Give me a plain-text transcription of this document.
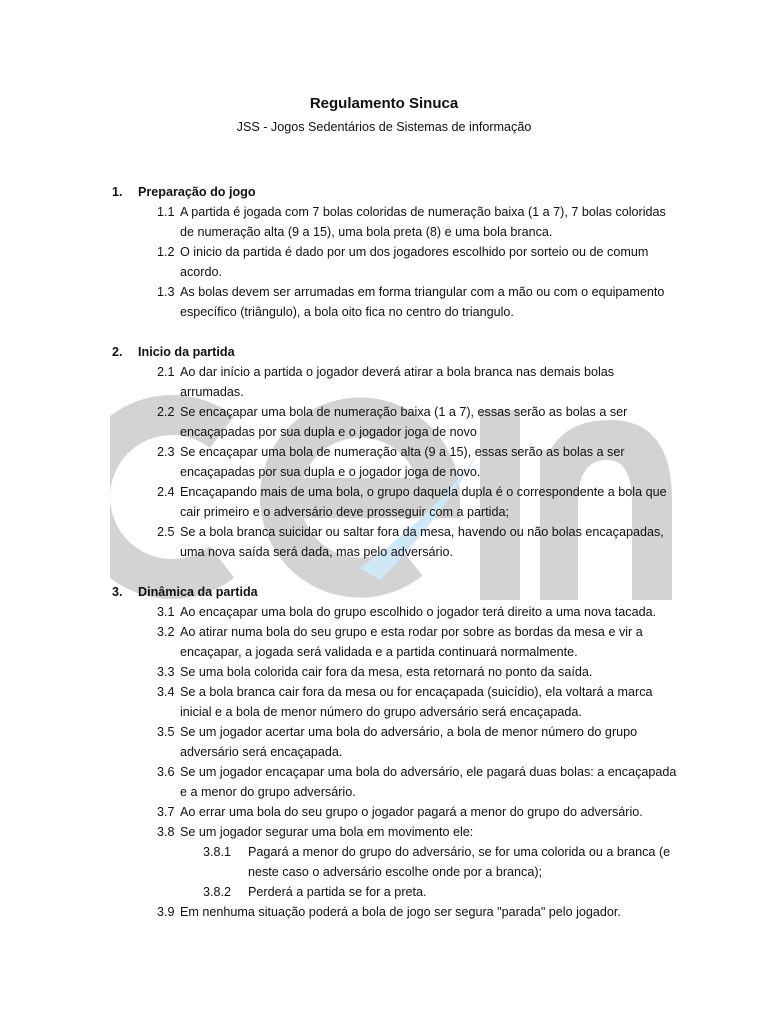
Regulamento Sinuca
JSS - Jogos Sedentários de Sistemas de informação
1. Preparação do jogo
1.1 A partida é jogada com 7 bolas coloridas de numeração baixa (1 a 7), 7 bolas coloridas de numeração alta (9 a 15), uma bola preta (8) e uma bola branca.
1.2 O inicio da partida é dado por um dos jogadores escolhido por sorteio ou de comum acordo.
1.3 As bolas devem ser arrumadas em forma triangular com a mão ou com o equipamento específico (triângulo), a bola oito fica no centro do triangulo.
2. Inicio da partida
2.1 Ao dar início a partida o jogador deverá atirar a bola branca nas demais bolas arrumadas.
2.2 Se encaçapar uma bola de numeração baixa (1 a 7), essas serão as bolas a ser encaçapadas por sua dupla e o jogador joga de novo
2.3 Se encaçapar uma bola de numeração alta (9 a 15), essas serão as bolas a ser encaçapadas por sua dupla e o jogador joga de novo.
2.4 Encaçapando mais de uma bola, o grupo daquela dupla é o correspondente a bola que cair primeiro e o adversário deve prosseguir com a partida;
2.5 Se a bola branca suicidar ou saltar fora da mesa, havendo ou não bolas encaçapadas, uma nova saída será dada, mas pelo adversário.
3. Dinâmica da partida
3.1 Ao encaçapar uma bola do grupo escolhido o jogador terá direito a uma nova tacada.
3.2 Ao atirar numa bola do seu grupo e esta rodar por sobre as bordas da mesa e vir a encaçapar, a jogada será validada e a partida continuará normalmente.
3.3 Se uma bola colorida cair fora da mesa, esta retornará no ponto da saída.
3.4 Se a bola branca cair fora da mesa ou for encaçapada (suicídio), ela voltará a marca inicial e a bola de menor número do grupo adversário será encaçapada.
3.5 Se um jogador acertar uma bola do adversário, a bola de menor número do grupo adversário será encaçapada.
3.6 Se um jogador encaçapar uma bola do adversário, ele pagará duas bolas: a encaçapada e a menor do grupo adversário.
3.7 Ao errar uma bola do seu grupo o jogador pagará a menor do grupo do adversário.
3.8 Se um jogador segurar uma bola em movimento ele:
3.8.1	Pagará a menor do grupo do adversário, se for uma colorida ou a branca (e neste caso o adversário escolhe onde por a branca);
3.8.2	Perderá a partida se for a preta.
3.9 Em nenhuma situação poderá a bola de jogo ser segura "parada" pelo jogador.
